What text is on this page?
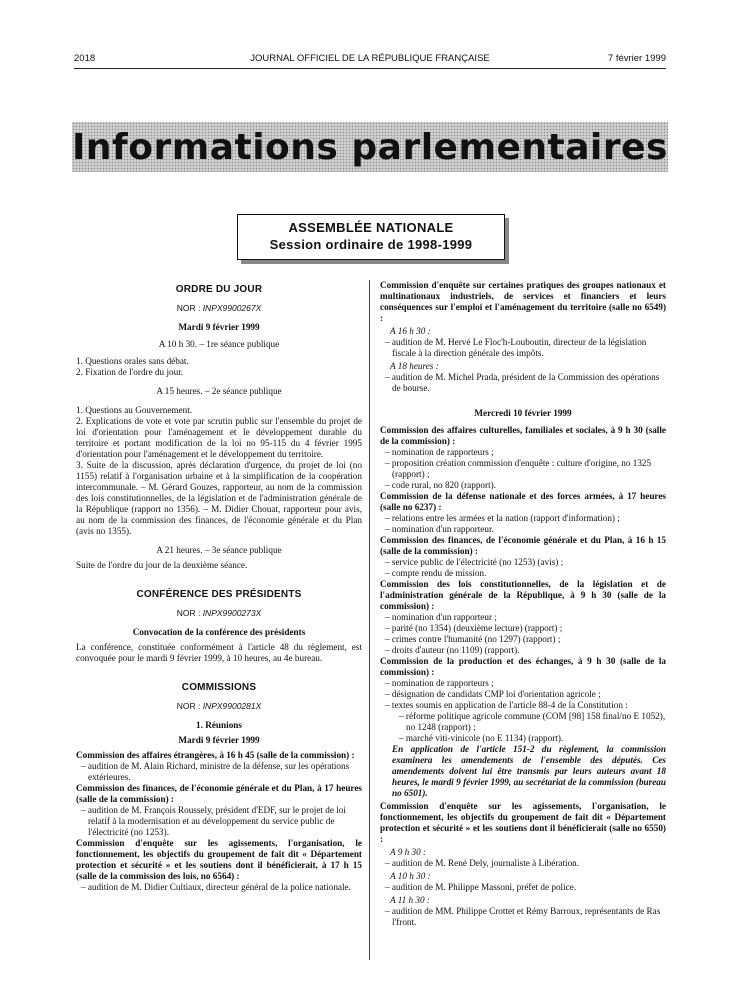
2018	JOURNAL OFFICIEL DE LA RÉPUBLIQUE FRANÇAISE	7 février 1999
Informations parlementaires
ASSEMBLÉE NATIONALE
Session ordinaire de 1998-1999

ORDRE DU JOUR

NOR : INPX9900267X

Mardi 9 février 1999

A 10 h 30. – 1re séance publique

1. Questions orales sans débat.

2. Fixation de l'ordre du jour.

A 15 heures. – 2e séance publique

1. Questions au Gouvernement.

2. Explications de vote et vote par scrutin public sur l'ensemble du projet de loi d'orientation pour l'aménagement et le développement durable du territoire et portant modification de la loi no 95-115 du 4 février 1995 d'orientation pour l'aménagement et le développement du territoire.

3. Suite de la discussion, après déclaration d'urgence, du projet de loi (no 1155) relatif à l'organisation urbaine et à la simplification de la coopération intercommunale. – M. Gérard Gouzes, rapporteur, au nom de la commission des lois constitutionnelles, de la législation et de l'administration générale de la République (rapport no 1356). – M. Didier Chouat, rapporteur pour avis, au nom de la commission des finances, de l'économie générale et du Plan (avis no 1355).

A 21 heures. – 3e séance publique

Suite de l'ordre du jour de la deuxième séance.

CONFÉRENCE DES PRÉSIDENTS

NOR : INPX9900273X

Convocation de la conférence des présidents

La conférence, constituée conformément à l'article 48 du règlement, est convoquée pour le mardi 9 février 1999, à 10 heures, au 4e bureau.

COMMISSIONS

NOR : INPX9900281X

1. Réunions

Mardi 9 février 1999

Commission des affaires étrangères, à 16 h 45 (salle de la commission) :

– audition de M. Alain Richard, ministre de la défense, sur les opérations extérieures.

Commission des finances, de l'économie générale et du Plan, à 17 heures (salle de la commission) :

– audition de M. François Roussely, président d'EDF, sur le projet de loi relatif à la modernisation et au développement du service public de l'électricité (no 1253).

Commission d'enquête sur les agissements, l'organisation, le fonctionnement, les objectifs du groupement de fait dit « Département protection et sécurité » et les soutiens dont il bénéficierait, à 17 h 15 (salle de la commission des lois, no 6564) :

– audition de M. Didier Cultiaux, directeur général de la police nationale.

Commission d'enquête sur certaines pratiques des groupes nationaux et multinationaux industriels, de services et financiers et leurs conséquences sur l'emploi et l'aménagement du territoire (salle no 6549) :

A 16 h 30 :

– audition de M. Hervé Le Floc'h-Louboutin, directeur de la législation fiscale à la direction générale des impôts.

A 18 heures :

– audition de M. Michel Prada, président de la Commission des opérations de bourse.

Mercredi 10 février 1999

Commission des affaires culturelles, familiales et sociales, à 9 h 30 (salle de la commission) :

– nomination de rapporteurs ;

– proposition création commission d'enquête : culture d'origine, no 1325 (rapport) ;

– code rural, no 820 (rapport).

Commission de la défense nationale et des forces armées, à 17 heures (salle no 6237) :

– relations entre les armées et la nation (rapport d'information) ;

– nomination d'un rapporteur.

Commission des finances, de l'économie générale et du Plan, à 16 h 15 (salle de la commission) :

– service public de l'électricité (no 1253) (avis) ;

– compte rendu de mission.

Commission des lois constitutionnelles, de la législation et de l'administration générale de la République, à 9 h 30 (salle de la commission) :

– nomination d'un rapporteur ;

– parité (no 1354) (deuxième lecture) (rapport) ;

– crimes contre l'humanité (no 1297) (rapport) ;

– droits d'auteur (no 1109) (rapport).

Commission de la production et des échanges, à 9 h 30 (salle de la commission) :

– nomination de rapporteurs ;

– désignation de candidats CMP loi d'orientation agricole ;

– textes soumis en application de l'article 88-4 de la Constitution :

– réforme politique agricole commune (COM [98] 158 final/no E 1052), no 1248 (rapport) ;

– marché viti-vinicole (no E 1134) (rapport).

En application de l'article 151-2 du règlement, la commission examinera les amendements de l'ensemble des députés. Ces amendements doivent lui être transmis par leurs auteurs avant 18 heures, le mardi 9 février 1999, au secrétariat de la commission (bureau no 6501).

Commission d'enquête sur les agissements, l'organisation, le fonctionnement, les objectifs du groupement de fait dit « Département protection et sécurité » et les soutiens dont il bénéficierait (salle no 6550) :

A 9 h 30 :

– audition de M. René Dely, journaliste à Libération.

A 10 h 30 :

– audition de M. Philippe Massoni, préfet de police.

A 11 h 30 :

– audition de MM. Philippe Crottet et Rémy Barroux, représentants de Ras l'front.
